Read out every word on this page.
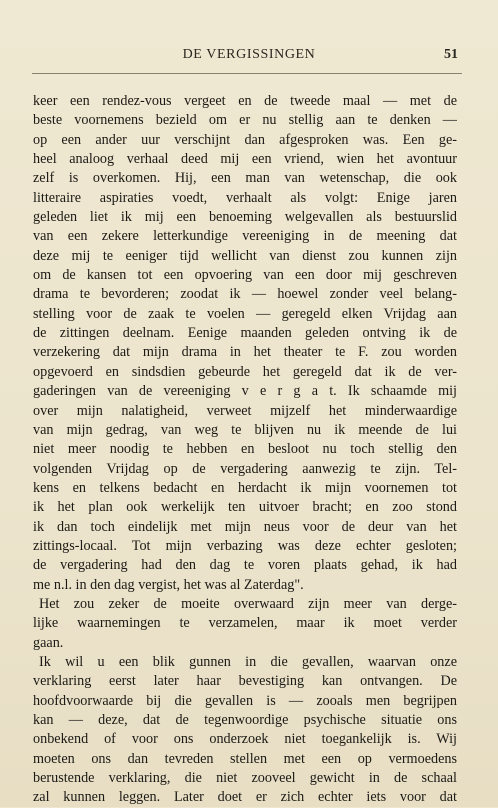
DE VERGISSINGEN	51
keer een rendez-vous vergeet en de tweede maal — met de
beste voornemens bezield om er nu stellig aan te denken —
op een ander uur verschijnt dan afgesproken was. Een ge-
heel analoog verhaal deed mij een vriend, wien het avontuur
zelf is overkomen. Hij, een man van wetenschap, die ook
litteraire aspiraties voedt, verhaalt als volgt: Enige jaren
geleden liet ik mij een benoeming welgevallen als bestuurslid
van een zekere letterkundige vereeniging in de meening dat
deze mij te eeniger tijd wellicht van dienst zou kunnen zijn
om de kansen tot een opvoering van een door mij geschreven
drama te bevorderen; zoodat ik — hoewel zonder veel belang-
stelling voor de zaak te voelen — geregeld elken Vrijdag aan
de zittingen deelnam. Eenige maanden geleden ontving ik de
verzekering dat mijn drama in het theater te F. zou worden
opgevoerd en sindsdien gebeurde het geregeld dat ik de ver-
gaderingen van de vereeniging v e r g a t. Ik schaamde mij
over mijn nalatigheid, verweet mijzelf het minderwaardige
van mijn gedrag, van weg te blijven nu ik meende de lui
niet meer noodig te hebben en besloot nu toch stellig den
volgenden Vrijdag op de vergadering aanwezig te zijn. Tel-
kens en telkens bedacht en herdacht ik mijn voornemen tot
ik het plan ook werkelijk ten uitvoer bracht; en zoo stond
ik dan toch eindelijk met mijn neus voor de deur van het
zittings-locaal. Tot mijn verbazing was deze echter gesloten;
de vergadering had den dag te voren plaats gehad, ik had
me n.l. in den dag vergist, het was al Zaterdag".
Het zou zeker de moeite overwaard zijn meer van derge-
lijke waarnemingen te verzamelen, maar ik moet verder
gaan.
Ik wil u een blik gunnen in die gevallen, waarvan onze
verklaring eerst later haar bevestiging kan ontvangen. De
hoofdvoorwaarde bij die gevallen is — zooals men begrijpen
kan — deze, dat de tegenwoordige psychische situatie ons
onbekend of voor ons onderzoek niet toegankelijk is. Wij
moeten ons dan tevreden stellen met een op vermoedens
berustende verklaring, die niet zooveel gewicht in de schaal
zal kunnen leggen. Later doet er zich echter iets voor dat
